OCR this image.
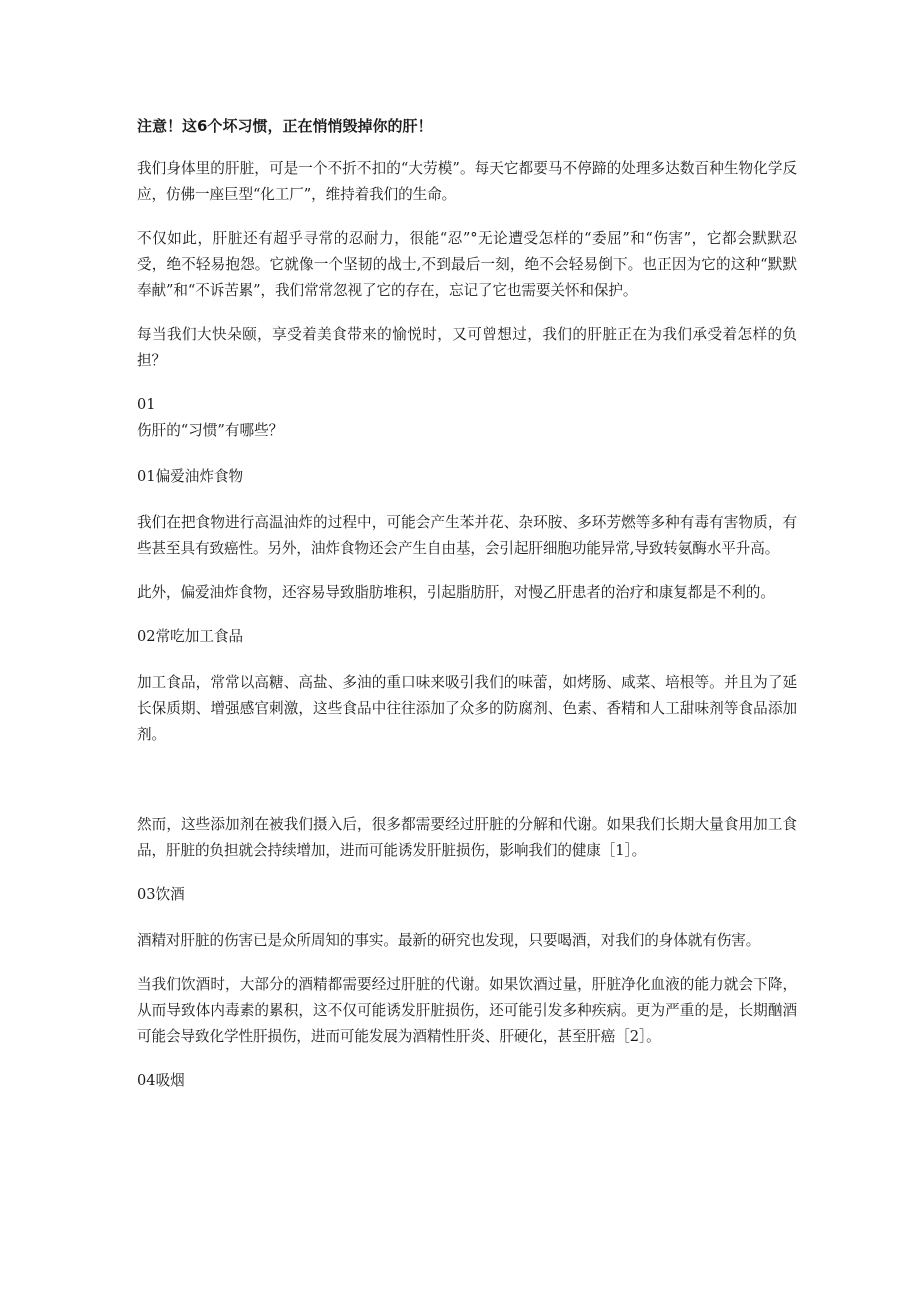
注意！这6个坏习惯，正在悄悄毁掉你的肝！

我们身体里的肝脏，可是一个不折不扣的“大劳模”。每天它都要马不停蹄的处理多达数百种生物化学反应，仿佛一座巨型“化工厂”，维持着我们的生命。

不仅如此，肝脏还有超乎寻常的忍耐力，很能“忍”°无论遭受怎样的“委屈”和“伤害”，它都会默默忍受，绝不轻易抱怨。它就像一个坚韧的战士,不到最后一刻，绝不会轻易倒下。也正因为它的这种“默默奉献”和“不诉苦累”，我们常常忽视了它的存在，忘记了它也需要关怀和保护。

每当我们大快朵颐，享受着美食带来的愉悦时，又可曾想过，我们的肝脏正在为我们承受着怎样的负担？

01

伤肝的“习惯”有哪些？

01偏爱油炸食物

我们在把食物进行高温油炸的过程中，可能会产生苯并花、杂环胺、多环芳燃等多种有毒有害物质，有些甚至具有致癌性。另外，油炸食物还会产生自由基，会引起肝细胞功能异常,导致转氨酶水平升高。

此外，偏爱油炸食物，还容易导致脂肪堆积，引起脂肪肝，对慢乙肝患者的治疗和康复都是不利的。

02常吃加工食品

加工食品，常常以高糖、高盐、多油的重口味来吸引我们的味蕾，如烤肠、咸菜、培根等。并且为了延长保质期、增强感官刺激，这些食品中往往添加了众多的防腐剂、色素、香精和人工甜味剂等食品添加剂。

然而，这些添加剂在被我们摄入后，很多都需要经过肝脏的分解和代谢。如果我们长期大量食用加工食品，肝脏的负担就会持续增加，进而可能诱发肝脏损伤，影响我们的健康［1］。

03饮酒

酒精对肝脏的伤害已是众所周知的事实。最新的研究也发现，只要喝酒，对我们的身体就有伤害。

当我们饮酒时，大部分的酒精都需要经过肝脏的代谢。如果饮酒过量，肝脏净化血液的能力就会下降，从而导致体内毒素的累积，这不仅可能诱发肝脏损伤，还可能引发多种疾病。更为严重的是，长期酗酒可能会导致化学性肝损伤，进而可能发展为酒精性肝炎、肝硬化，甚至肝癌［2］。

04吸烟
